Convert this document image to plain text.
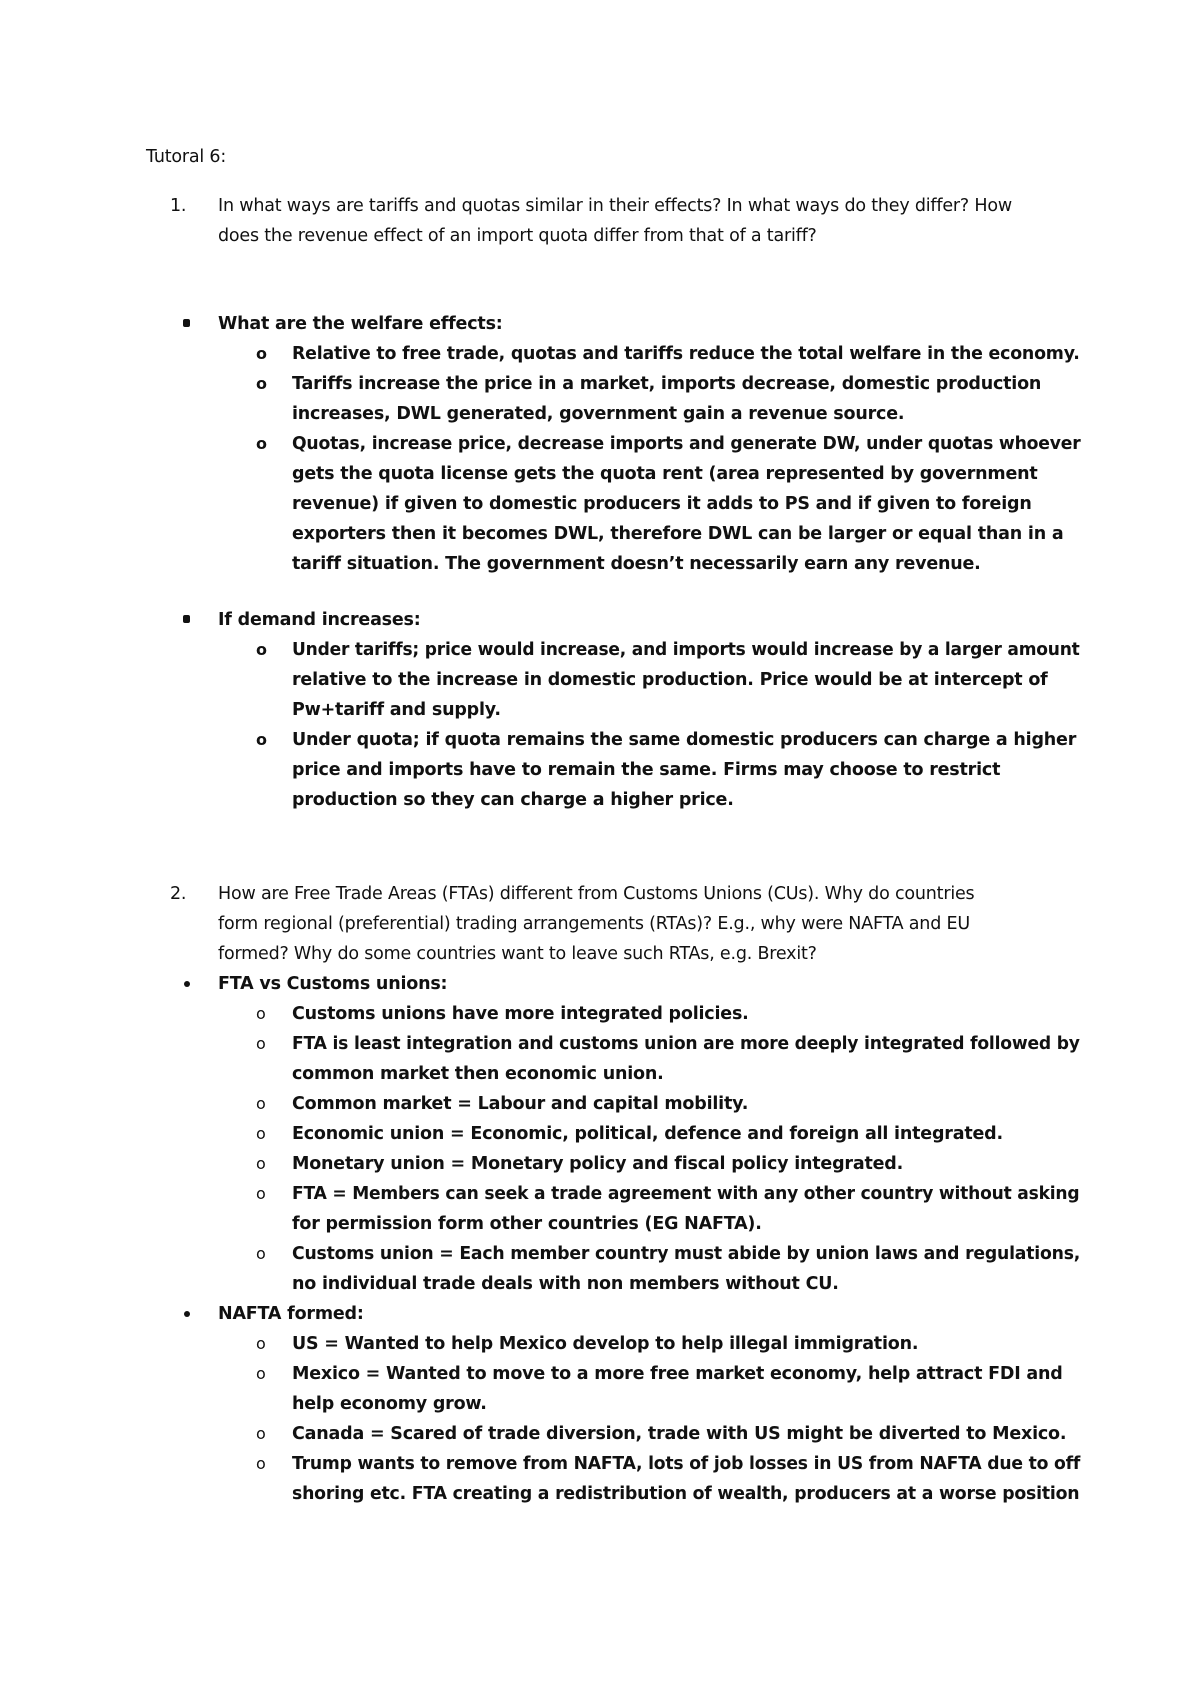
Tutoral 6:
1. In what ways are tariffs and quotas similar in their effects? In what ways do they differ? How
does the revenue effect of an import quota differ from that of a tariff?
What are the welfare effects:
o Relative to free trade, quotas and tariffs reduce the total welfare in the economy.
o Tariffs increase the price in a market, imports decrease, domestic production
increases, DWL generated, government gain a revenue source.
o Quotas, increase price, decrease imports and generate DW, under quotas whoever
gets the quota license gets the quota rent (area represented by government
revenue) if given to domestic producers it adds to PS and if given to foreign
exporters then it becomes DWL, therefore DWL can be larger or equal than in a
tariff situation. The government doesn’t necessarily earn any revenue.
If demand increases:
o Under tariffs; price would increase, and imports would increase by a larger amount
relative to the increase in domestic production. Price would be at intercept of
Pw+tariff and supply.
o Under quota; if quota remains the same domestic producers can charge a higher
price and imports have to remain the same. Firms may choose to restrict
production so they can charge a higher price.
2. How are Free Trade Areas (FTAs) different from Customs Unions (CUs). Why do countries
form regional (preferential) trading arrangements (RTAs)? E.g., why were NAFTA and EU
formed? Why do some countries want to leave such RTAs, e.g. Brexit?
FTA vs Customs unions:
o Customs unions have more integrated policies.
o FTA is least integration and customs union are more deeply integrated followed by
common market then economic union.
o Common market = Labour and capital mobility.
o Economic union = Economic, political, defence and foreign all integrated.
o Monetary union = Monetary policy and fiscal policy integrated.
o FTA = Members can seek a trade agreement with any other country without asking
for permission form other countries (EG NAFTA).
o Customs union = Each member country must abide by union laws and regulations,
no individual trade deals with non members without CU.
NAFTA formed:
o US = Wanted to help Mexico develop to help illegal immigration.
o Mexico = Wanted to move to a more free market economy, help attract FDI and
help economy grow.
o Canada = Scared of trade diversion, trade with US might be diverted to Mexico.
o Trump wants to remove from NAFTA, lots of job losses in US from NAFTA due to off
shoring etc. FTA creating a redistribution of wealth, producers at a worse position
